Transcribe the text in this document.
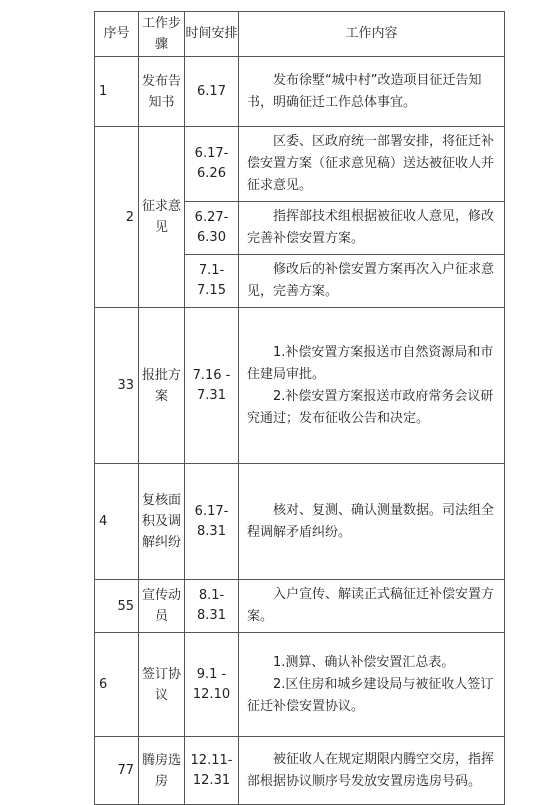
序号	工作步骤	时间安排	工作内容
1	发布告知书	6.17	发布徐墅“城中村”改造项目征迁告知书，明确征迁工作总体事宜。

2	征求意见	6.17-6.26	区委、区政府统一部署安排，将征迁补偿安置方案（征求意见稿）送达被征收人并征求意见。

		6.27-6.30	指挥部技术组根据被征收人意见，修改完善补偿安置方案。

		7.1-7.15	修改后的补偿安置方案再次入户征求意见，完善方案。

33	报批方案	7.16 - 7.31	1.补偿安置方案报送市自然资源局和市住建局审批。
2.补偿安置方案报送市政府常务会议研究通过；发布征收公告和决定。

4	复核面积及调解纠纷	6.17-8.31	核对、复测、确认测量数据。司法组全程调解矛盾纠纷。

55	宣传动员	8.1-8.31	入户宣传、解读正式稿征迁补偿安置方案。

6	签订协议	9.1 - 12.10	1.测算、确认补偿安置汇总表。
2.区住房和城乡建设局与被征收人签订征迁补偿安置协议。

77	腾房选房	12.11-12.31	被征收人在规定期限内腾空交房，指挥部根据协议顺序号发放安置房选房号码。
